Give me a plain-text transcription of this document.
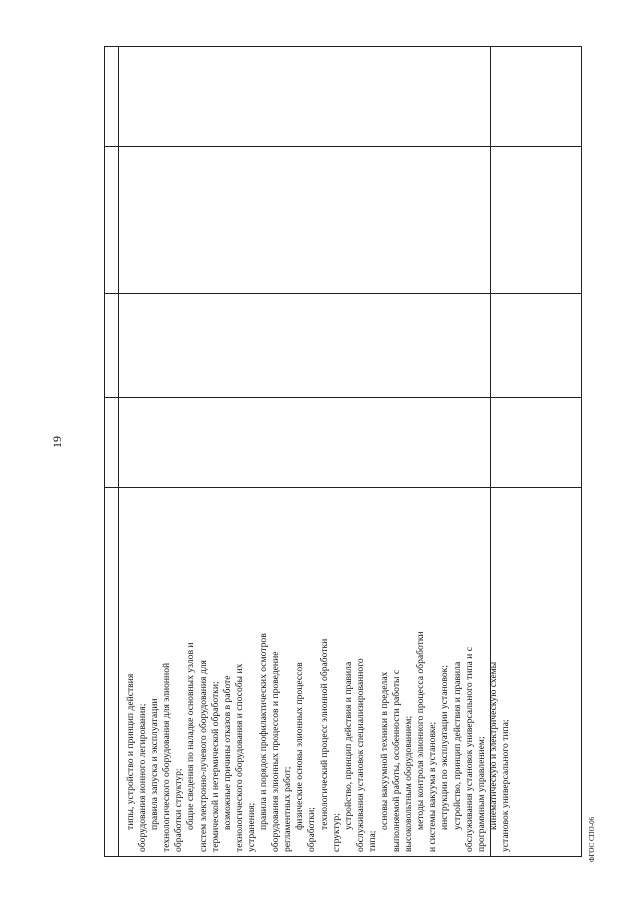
19
типы, устройство и принцип действия оборудования ионного легирования; правила запуска и эксплуатации технологического оборудования для элионной обработки структур; общие сведения по наладке основных узлов и систем электронно-лучевого оборудования для термической и нетермической обработки; возможные причины отказов в работе технологического оборудования и способы их устранения; правила и порядок профилактических осмотров оборудования элионных процессов и проведение регламентных работ; физические основы элионных процессов обработки; технологический процесс элионной обработки
структур;
устройство, принцип действия и правила обслуживания установок специализированного типа;
основы вакуумной техники в пределах выполняемой работы, особенности работы с высоковольтным оборудованием; методы контроля элионного процесса обработки и системы вакуума в установке; инструкции по эксплуатации установок; устройство, принцип действия и правила обслуживания установок универсального типа и с программным управлением; кинематическую и электрическую схемы установок универсального типа;	ФГОС СПО-06
